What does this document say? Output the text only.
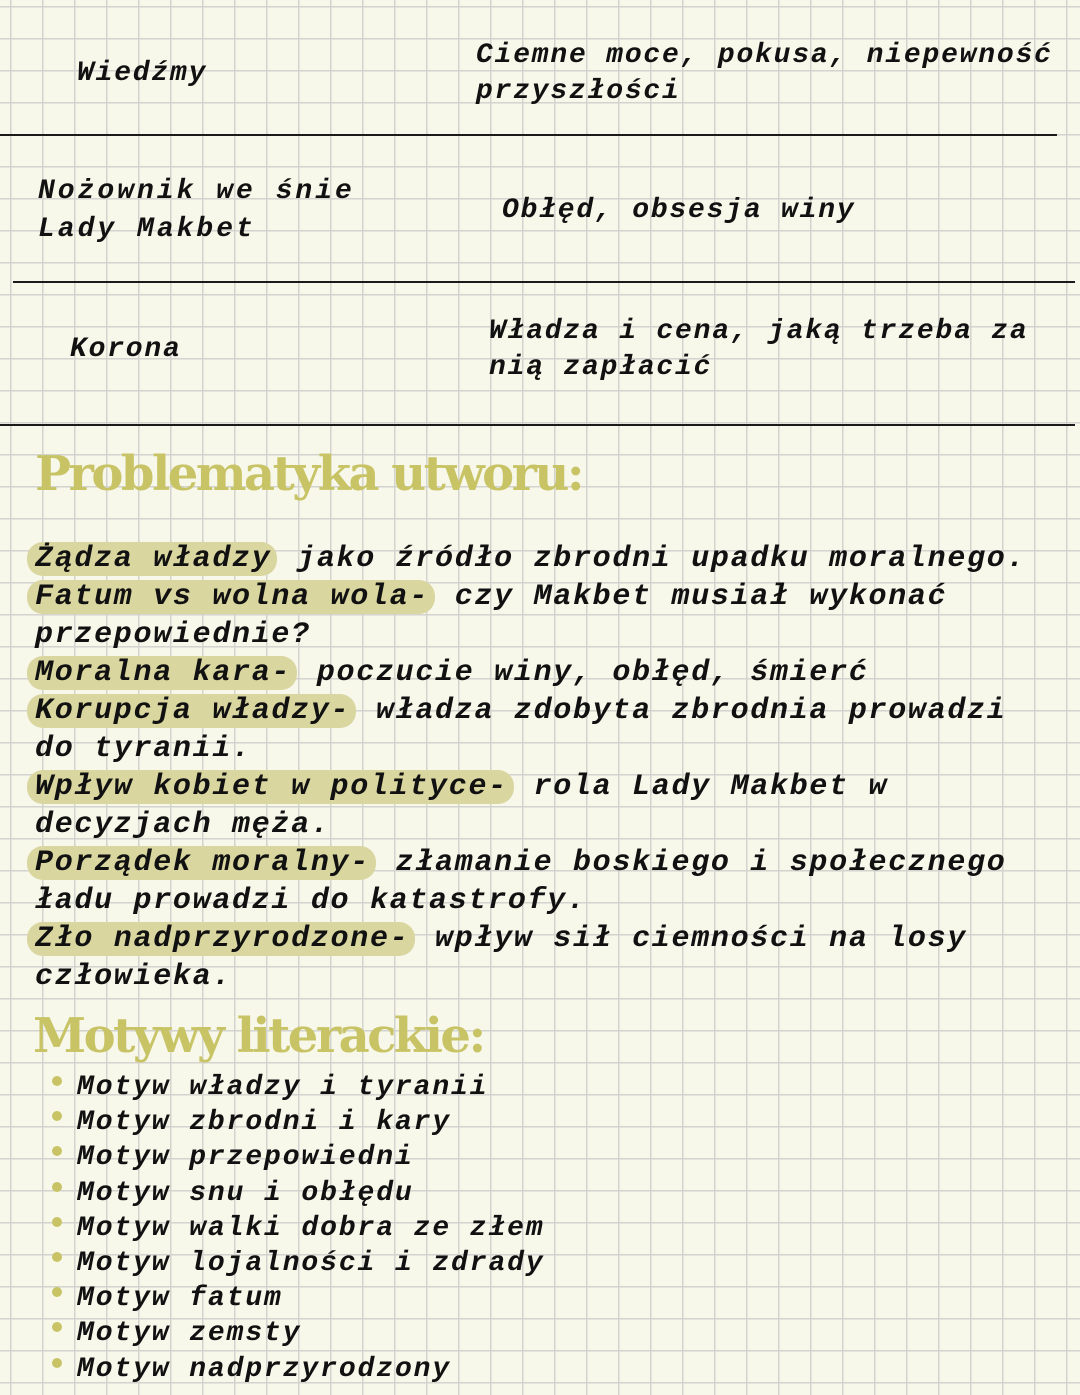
Wiedźmy
Ciemne moce, pokusa, niepewność
przyszłości
Nożownik we śnie
Lady Makbet
Obłęd, obsesja winy
Korona
Władza i cena, jaką trzeba za
nią zapłacić
Problematyka utworu:
Żądza władzy jako źródło zbrodni upadku moralnego.
Fatum vs wolna wola- czy Makbet musiał wykonać
przepowiednie?
Moralna kara- poczucie winy, obłęd, śmierć
Korupcja władzy- władza zdobyta zbrodnia prowadzi
do tyranii.
Wpływ kobiet w polityce- rola Lady Makbet w
decyzjach męża.
Porządek moralny- złamanie boskiego i społecznego
ładu prowadzi do katastrofy.
Zło nadprzyrodzone- wpływ sił ciemności na losy
człowieka.
Motywy literackie:
Motyw władzy i tyranii
Motyw zbrodni i kary
Motyw przepowiedni
Motyw snu i obłędu
Motyw walki dobra ze złem
Motyw lojalności i zdrady
Motyw fatum
Motyw zemsty
Motyw nadprzyrodzony
